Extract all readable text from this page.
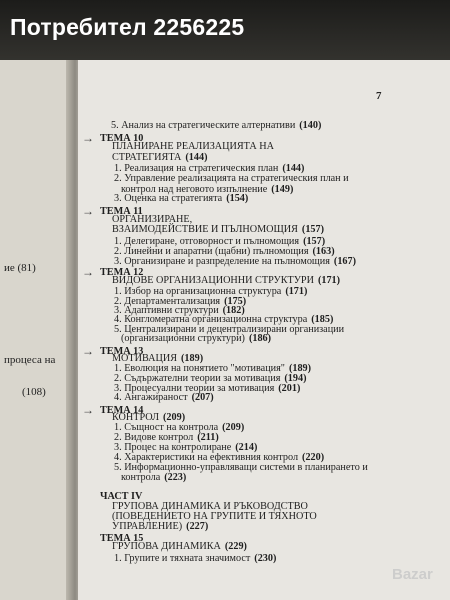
Потребител 2256225
ие (81)
процеса на
(108)
7
5. Анализ на стратегическите алтернативи (140)
ТЕМА 10
→
ПЛАНИРАНЕ РЕАЛИЗАЦИЯТА НА
СТРАТЕГИЯТА (144)
1. Реализация на стратегическия план (144)
2. Управление реализацията на стратегическия план и
контрол над неговото изпълнение (149)
3. Оценка на стратегията (154)
ТЕМА 11
→
ОРГАНИЗИРАНЕ,
ВЗАИМОДЕЙСТВИЕ И ПЪЛНОМОЩИЯ (157)
1. Делегиране, отговорност и пълномощия (157)
2. Линейни и апаратни (щабни) пълномощия (163)
3. Организиране и разпределение на пълномощия (167)
ТЕМА 12
→
ВИДОВЕ ОРГАНИЗАЦИОННИ СТРУКТУРИ (171)
1. Избор на организационна структура (171)
2. Департаментализация (175)
3. Адаптивни структури (182)
4. Конгломератна организационна структура (185)
5. Централизирани и децентрализирани организации
(организационни структури) (186)
ТЕМА 13
→
МОТИВАЦИЯ (189)
1. Еволюция на понятието "мотивация" (189)
2. Съдържателни теории за мотивация (194)
3. Процесуални теории за мотивация (201)
4. Ангажираност (207)
ТЕМА 14
→
КОНТРОЛ (209)
1. Същност на контрола (209)
2. Видове контрол (211)
3. Процес на контролиране (214)
4. Характеристики на ефективния контрол (220)
5. Информационно-управляващи системи в планирането и
контрола (223)
ЧАСТ IV
ГРУПОВА ДИНАМИКА И РЪКОВОДСТВО
(ПОВЕДЕНИЕТО НА ГРУПИТЕ И ТЯХНОТО
УПРАВЛЕНИЕ) (227)
ТЕМА 15
ГРУПОВА ДИНАМИКА (229)
1. Групите и тяхната значимост (230)
Bazar
